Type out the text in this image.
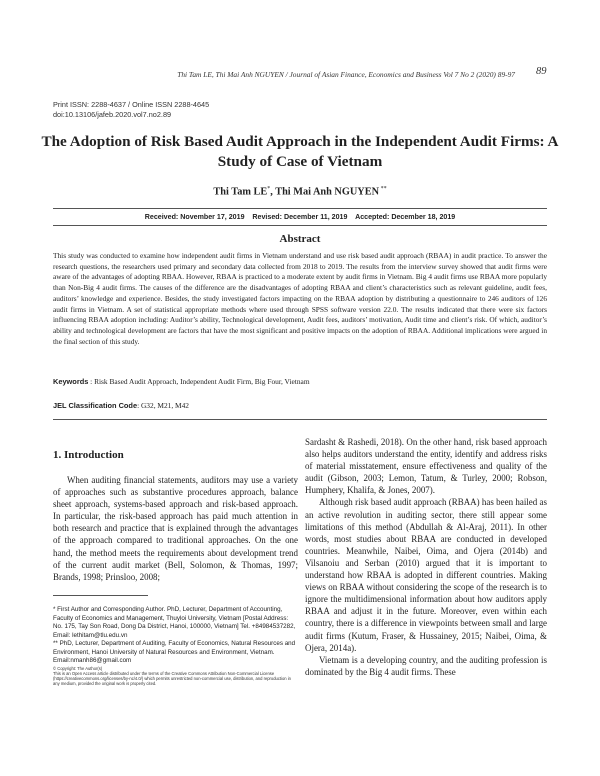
Thi Tam LE, Thi Mai Anh NGUYEN / Journal of Asian Finance, Economics and Business Vol 7 No 2 (2020) 89-97 89
Print ISSN: 2288-4637 / Online ISSN 2288-4645
doi:10.13106/jafeb.2020.vol7.no2.89
The Adoption of Risk Based Audit Approach in the Independent Audit Firms: A Study of Case of Vietnam
Thi Tam LE*, Thi Mai Anh NGUYEN **
Received: November 17, 2019 Revised: December 11, 2019 Accepted: December 18, 2019
Abstract
This study was conducted to examine how independent audit firms in Vietnam understand and use risk based audit approach (RBAA) in audit practice. To answer the research questions, the researchers used primary and secondary data collected from 2018 to 2019. The results from the interview survey showed that audit firms were aware of the advantages of adopting RBAA. However, RBAA is practiced to a moderate extent by audit firms in Vietnam. Big 4 audit firms use RBAA more popularly than Non-Big 4 audit firms. The causes of the difference are the disadvantages of adopting RBAA and client’s characteristics such as relevant guideline, audit fees, auditors’ knowledge and experience. Besides, the study investigated factors impacting on the RBAA adoption by distributing a questionnaire to 246 auditors of 126 audit firms in Vietnam. A set of statistical appropriate methods where used through SPSS software version 22.0. The results indicated that there were six factors influencing RBAA adoption including: Auditor’s ability, Technological development, Audit fees, auditors’ motivation, Audit time and client’s risk. Of which, auditor’s ability and technological development are factors that have the most significant and positive impacts on the adoption of RBAA. Additional implications were argued in the final section of this study.
Keywords : Risk Based Audit Approach, Independent Audit Firm, Big Four, Vietnam
JEL Classification Code: G32, M21, M42
1. Introduction

When auditing financial statements, auditors may use a variety of approaches such as substantive procedures approach, balance sheet approach, systems-based approach and risk-based approach. In particular, the risk-based approach has paid much attention in both research and practice that is explained through the advantages of the approach compared to traditional approaches. On the one hand, the method meets the requirements about development trend of the current audit market (Bell, Solomon, & Thomas, 1997; Brands, 1998; Prinsloo, 2008;

* First Author and Corresponding Author. PhD, Lecturer, Department of Accounting, Faculty of Economics and Management, Thuyloi University, Vietnam [Postal Address: No. 175, Tay Son Road, Dong Da District, Hanoi, 100000, Vietnam] Tel. +84984537282, Email: lethitam@tlu.edu.vn
** PhD, Lecturer, Department of Auditing, Faculty of Economics, Natural Resources and Environment, Hanoi University of Natural Resources and Environment, Vietnam. Email:nmanh86@gmail.com
© Copyright: The Author(s)
This is an Open Access article distributed under the terms of the Creative Commons Attribution Non-Commercial License (https://creativecommons.org/licenses/by-nc/4.0/) which permits unrestricted non-commercial use, distribution, and reproduction in any medium, provided the original work is properly cited.

Sardasht & Rashedi, 2018). On the other hand, risk based approach also helps auditors understand the entity, identify and address risks of material misstatement, ensure effectiveness and quality of the audit (Gibson, 2003; Lemon, Tatum, & Turley, 2000; Robson, Humphery, Khalifa, & Jones, 2007).

Although risk based audit approach (RBAA) has been hailed as an active revolution in auditing sector, there still appear some limitations of this method (Abdullah & Al-Araj, 2011). In other words, most studies about RBAA are conducted in developed countries. Meanwhile, Naibei, Oima, and Ojera (2014b) and Vilsanoiu and Serban (2010) argued that it is important to understand how RBAA is adopted in different countries. Making views on RBAA without considering the scope of the research is to ignore the multidimensional information about how auditors apply RBAA and adjust it in the future. Moreover, even within each country, there is a difference in viewpoints between small and large audit firms (Kutum, Fraser, & Hussainey, 2015; Naibei, Oima, & Ojera, 2014a).

Vietnam is a developing country, and the auditing profession is dominated by the Big 4 audit firms. These
